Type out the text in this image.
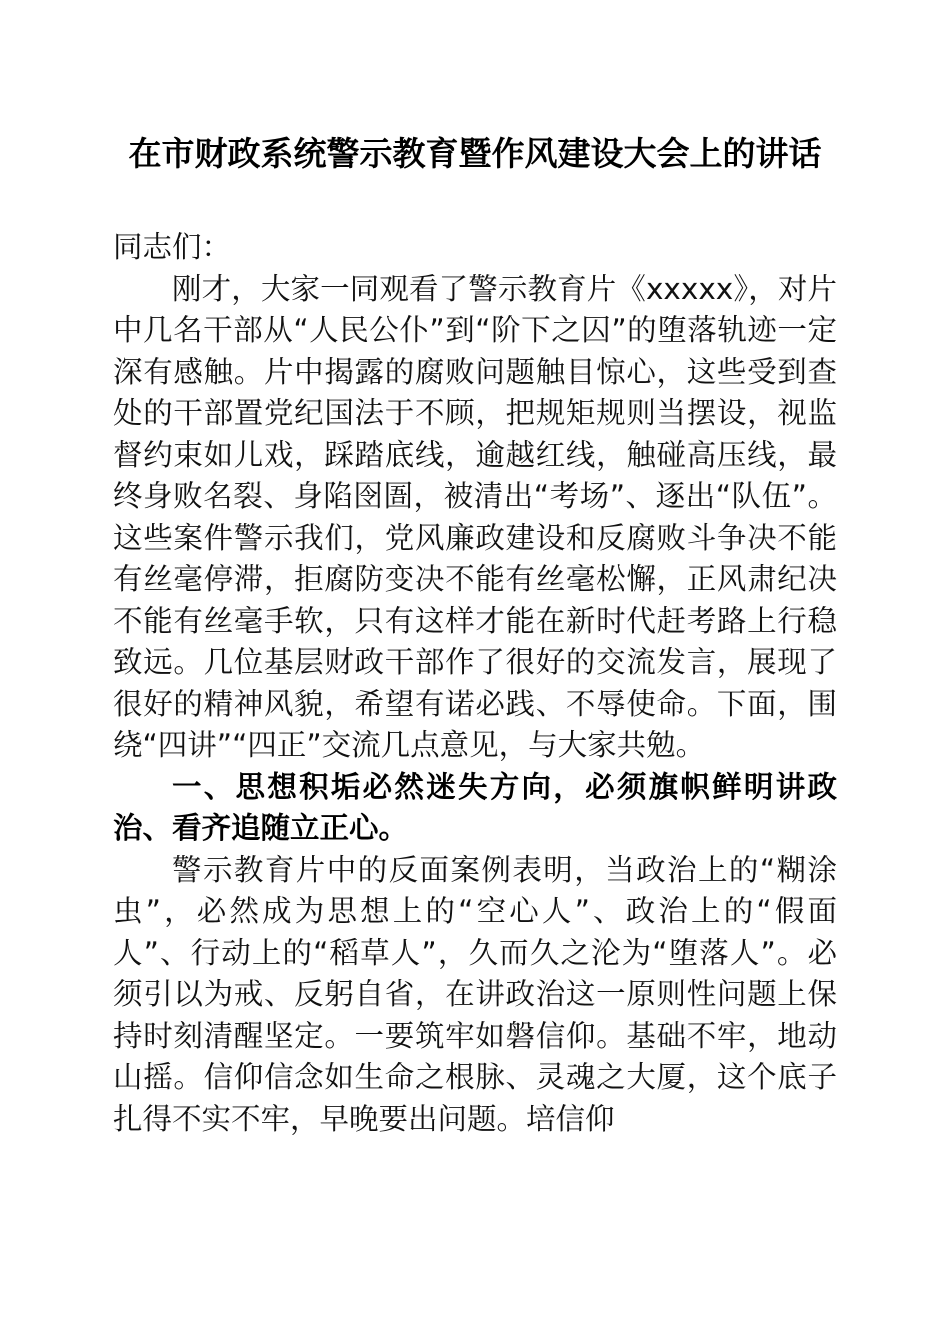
在市财政系统警示教育暨作风建设大会上的讲话

同志们：

刚才，大家一同观看了警示教育片《xxxxx》，对片中几名干部从“人民公仆”到“阶下之囚”的堕落轨迹一定深有感触。片中揭露的腐败问题触目惊心，这些受到查处的干部置党纪国法于不顾，把规矩规则当摆设，视监督约束如儿戏，踩踏底线，逾越红线，触碰高压线，最终身败名裂、身陷囹圄，被清出“考场”、逐出“队伍”。这些案件警示我们，党风廉政建设和反腐败斗争决不能有丝毫停滞，拒腐防变决不能有丝毫松懈，正风肃纪决不能有丝毫手软，只有这样才能在新时代赶考路上行稳致远。几位基层财政干部作了很好的交流发言，展现了很好的精神风貌，希望有诺必践、不辱使命。下面，围绕“四讲”“四正”交流几点意见，与大家共勉。

一、思想积垢必然迷失方向，必须旗帜鲜明讲政治、看齐追随立正心。

警示教育片中的反面案例表明，当政治上的“糊涂虫”，必然成为思想上的“空心人”、政治上的“假面人”、行动上的“稻草人”，久而久之沦为“堕落人”。必须引以为戒、反躬自省，在讲政治这一原则性问题上保持时刻清醒坚定。一要筑牢如磐信仰。基础不牢，地动山摇。信仰信念如生命之根脉、灵魂之大厦，这个底子扎得不实不牢，早晚要出问题。培信仰
